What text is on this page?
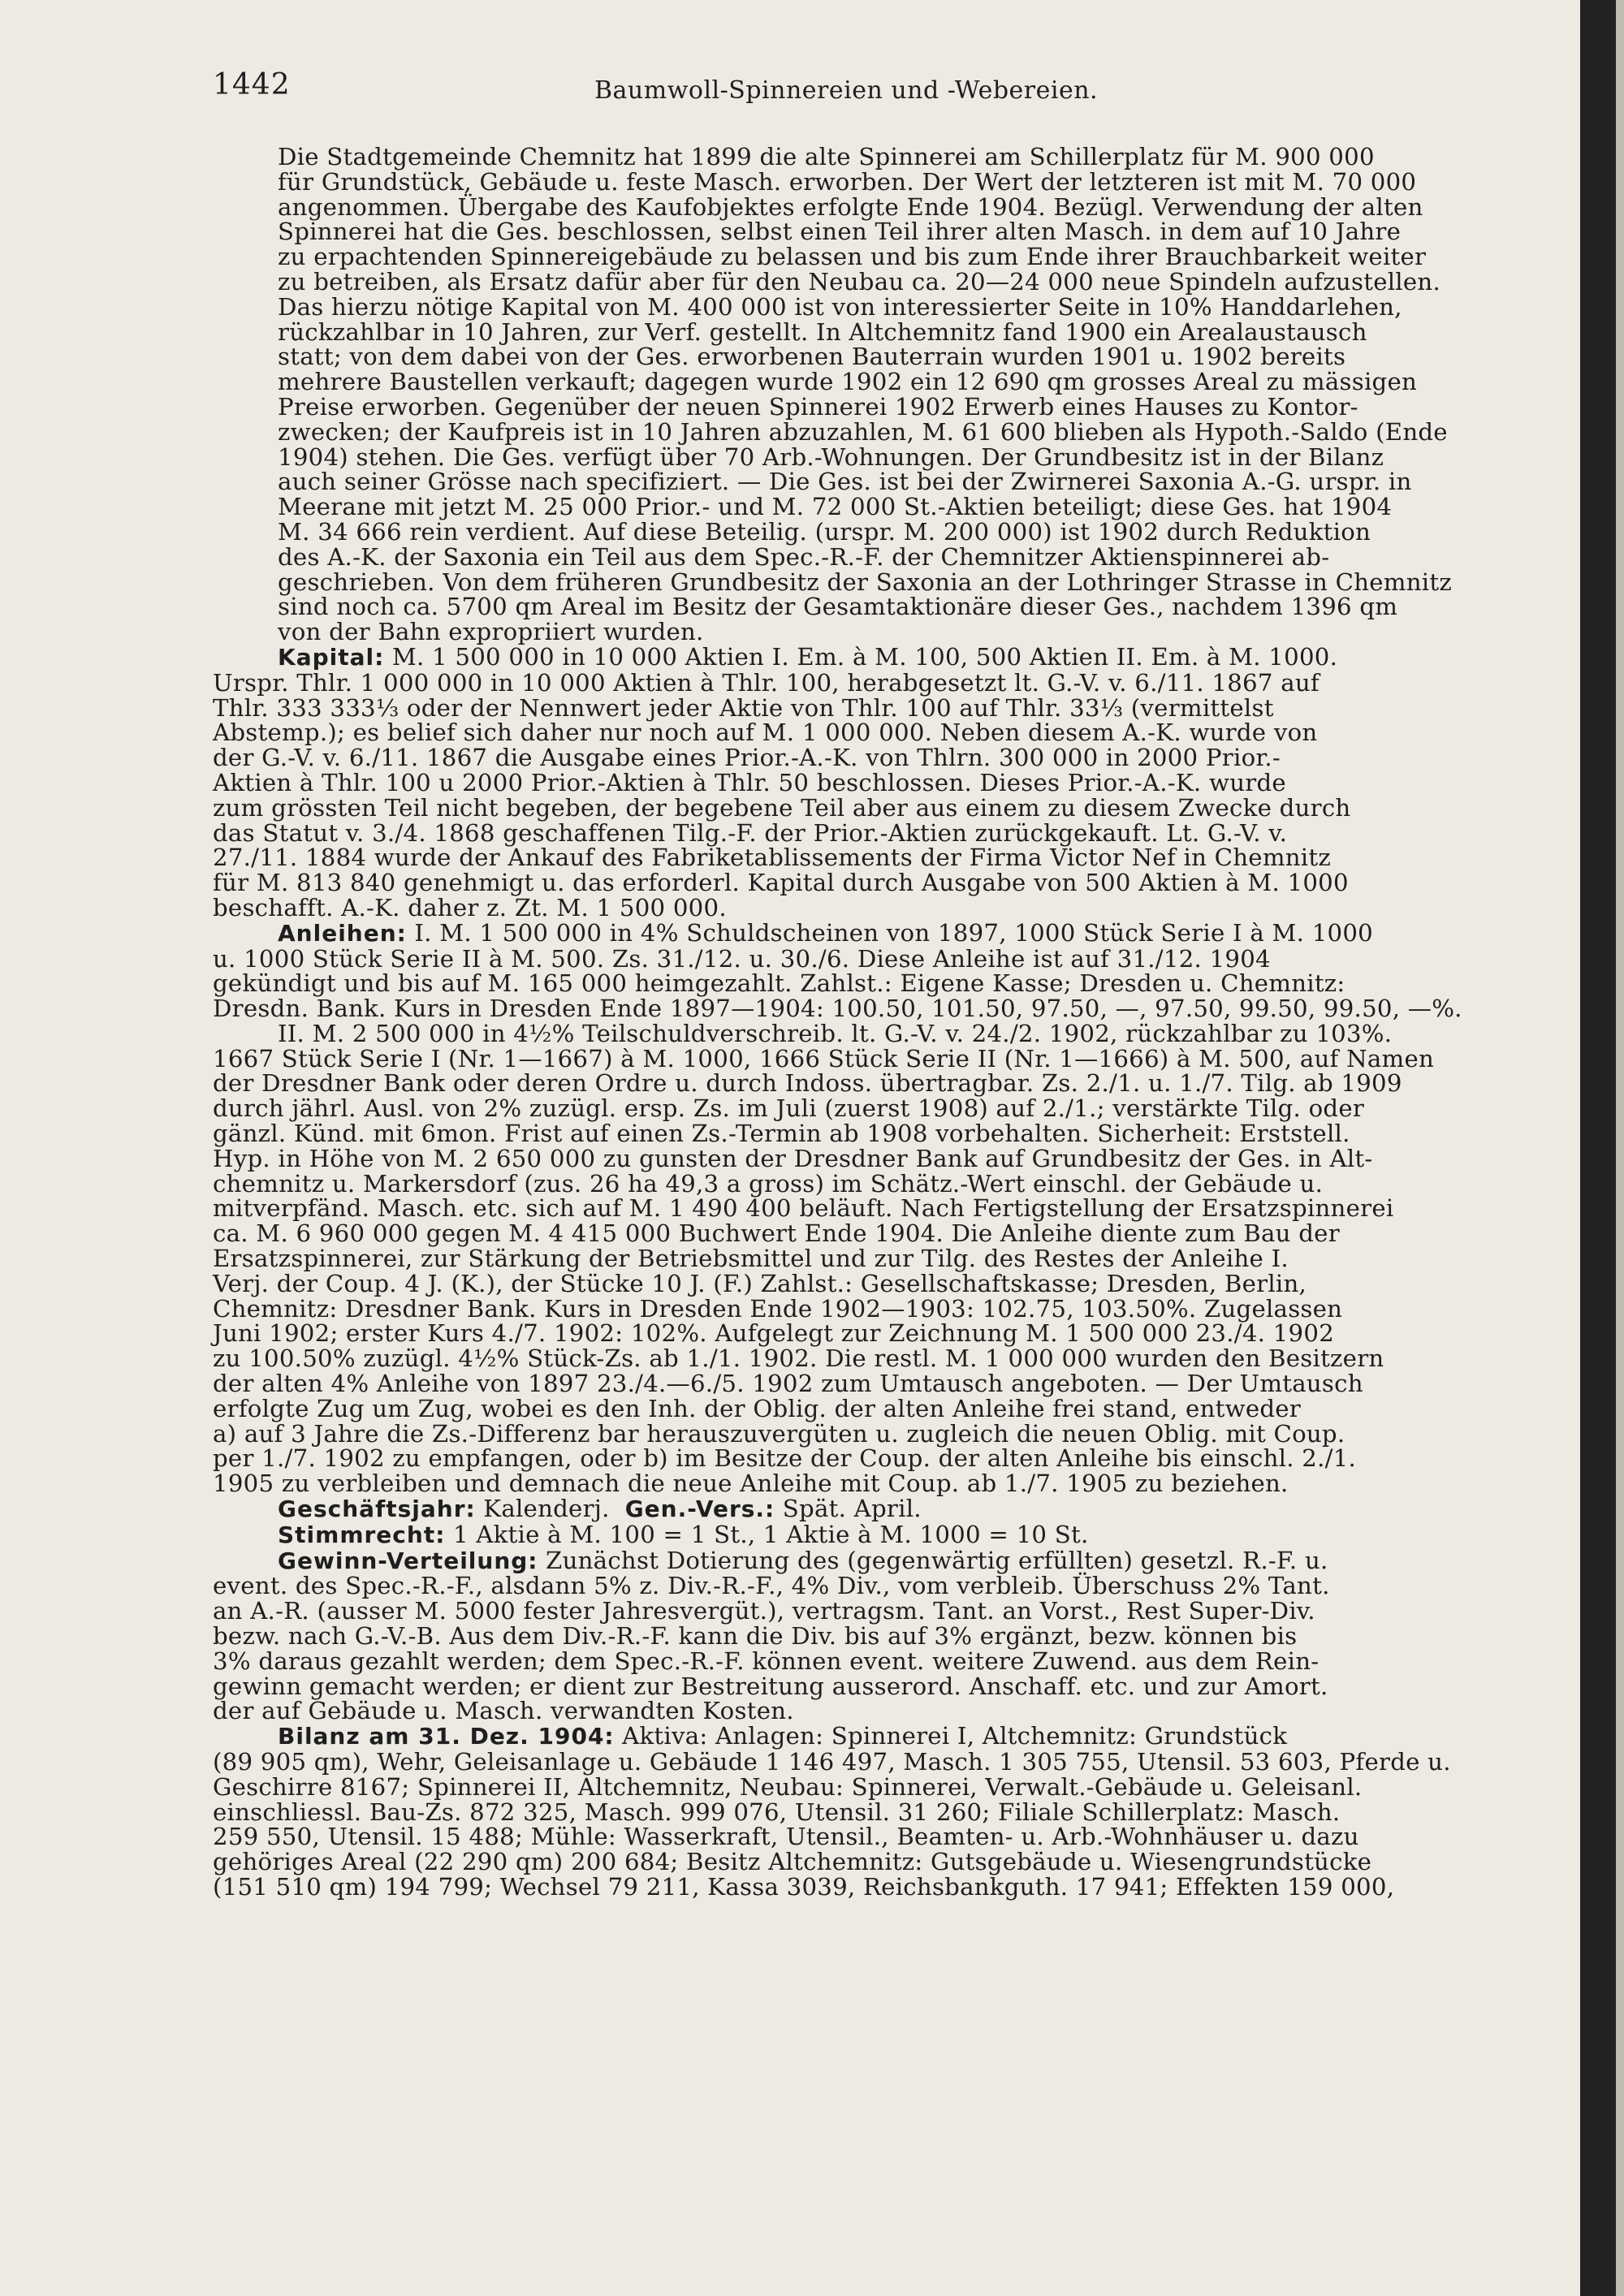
1442	Baumwoll-Spinnereien und -Webereien.

Die Stadtgemeinde Chemnitz hat 1899 die alte Spinnerei am Schillerplatz für M. 900 000
für Grundstück, Gebäude u. feste Masch. erworben. Der Wert der letzteren ist mit M. 70 000
angenommen. Übergabe des Kaufobjektes erfolgte Ende 1904. Bezügl. Verwendung der alten
Spinnerei hat die Ges. beschlossen, selbst einen Teil ihrer alten Masch. in dem auf 10 Jahre
zu erpachtenden Spinnereigebäude zu belassen und bis zum Ende ihrer Brauchbarkeit weiter
zu betreiben, als Ersatz dafür aber für den Neubau ca. 20—24 000 neue Spindeln aufzustellen.
Das hierzu nötige Kapital von M. 400 000 ist von interessierter Seite in 10% Handdarlehen,
rückzahlbar in 10 Jahren, zur Verf. gestellt. In Altchemnitz fand 1900 ein Arealaustausch
statt; von dem dabei von der Ges. erworbenen Bauterrain wurden 1901 u. 1902 bereits
mehrere Baustellen verkauft; dagegen wurde 1902 ein 12 690 qm grosses Areal zu mässigen
Preise erworben. Gegenüber der neuen Spinnerei 1902 Erwerb eines Hauses zu Kontor-
zwecken; der Kaufpreis ist in 10 Jahren abzuzahlen, M. 61 600 blieben als Hypoth.-Saldo (Ende
1904) stehen. Die Ges. verfügt über 70 Arb.-Wohnungen. Der Grundbesitz ist in der Bilanz
auch seiner Grösse nach specifiziert. — Die Ges. ist bei der Zwirnerei Saxonia A.-G. urspr. in
Meerane mit jetzt M. 25 000 Prior.- und M. 72 000 St.-Aktien beteiligt; diese Ges. hat 1904
M. 34 666 rein verdient. Auf diese Beteilig. (urspr. M. 200 000) ist 1902 durch Reduktion
des A.-K. der Saxonia ein Teil aus dem Spec.-R.-F. der Chemnitzer Aktienspinnerei ab-
geschrieben. Von dem früheren Grundbesitz der Saxonia an der Lothringer Strasse in Chemnitz
sind noch ca. 5700 qm Areal im Besitz der Gesamtaktionäre dieser Ges., nachdem 1396 qm
von der Bahn expropriiert wurden.

Kapital: M. 1 500 000 in 10 000 Aktien I. Em. à M. 100, 500 Aktien II. Em. à M. 1000.
Urspr. Thlr. 1 000 000 in 10 000 Aktien à Thlr. 100, herabgesetzt lt. G.-V. v. 6./11. 1867 auf
Thlr. 333 333⅓ oder der Nennwert jeder Aktie von Thlr. 100 auf Thlr. 33⅓ (vermittelst
Abstemp.); es belief sich daher nur noch auf M. 1 000 000. Neben diesem A.-K. wurde von
der G.-V. v. 6./11. 1867 die Ausgabe eines Prior.-A.-K. von Thlrn. 300 000 in 2000 Prior.-
Aktien à Thlr. 100 u 2000 Prior.-Aktien à Thlr. 50 beschlossen. Dieses Prior.-A.-K. wurde
zum grössten Teil nicht begeben, der begebene Teil aber aus einem zu diesem Zwecke durch
das Statut v. 3./4. 1868 geschaffenen Tilg.-F. der Prior.-Aktien zurückgekauft. Lt. G.-V. v.
27./11. 1884 wurde der Ankauf des Fabriketablissements der Firma Victor Nef in Chemnitz
für M. 813 840 genehmigt u. das erforderl. Kapital durch Ausgabe von 500 Aktien à M. 1000
beschafft. A.-K. daher z. Zt. M. 1 500 000.

Anleihen: I. M. 1 500 000 in 4% Schuldscheinen von 1897, 1000 Stück Serie I à M. 1000
u. 1000 Stück Serie II à M. 500. Zs. 31./12. u. 30./6. Diese Anleihe ist auf 31./12. 1904
gekündigt und bis auf M. 165 000 heimgezahlt. Zahlst.: Eigene Kasse; Dresden u. Chemnitz:
Dresdn. Bank. Kurs in Dresden Ende 1897—1904: 100.50, 101.50, 97.50, —, 97.50, 99.50, 99.50, —%.

II. M. 2 500 000 in 4½% Teilschuldverschreib. lt. G.-V. v. 24./2. 1902, rückzahlbar zu 103%.
1667 Stück Serie I (Nr. 1—1667) à M. 1000, 1666 Stück Serie II (Nr. 1—1666) à M. 500, auf Namen
der Dresdner Bank oder deren Ordre u. durch Indoss. übertragbar. Zs. 2./1. u. 1./7. Tilg. ab 1909
durch jährl. Ausl. von 2% zuzügl. ersp. Zs. im Juli (zuerst 1908) auf 2./1.; verstärkte Tilg. oder
gänzl. Künd. mit 6mon. Frist auf einen Zs.-Termin ab 1908 vorbehalten. Sicherheit: Erststell.
Hyp. in Höhe von M. 2 650 000 zu gunsten der Dresdner Bank auf Grundbesitz der Ges. in Alt-
chemnitz u. Markersdorf (zus. 26 ha 49,3 a gross) im Schätz.-Wert einschl. der Gebäude u.
mitverpfänd. Masch. etc. sich auf M. 1 490 400 beläuft. Nach Fertigstellung der Ersatzspinnerei
ca. M. 6 960 000 gegen M. 4 415 000 Buchwert Ende 1904. Die Anleihe diente zum Bau der
Ersatzspinnerei, zur Stärkung der Betriebsmittel und zur Tilg. des Restes der Anleihe I.
Verj. der Coup. 4 J. (K.), der Stücke 10 J. (F.) Zahlst.: Gesellschaftskasse; Dresden, Berlin,
Chemnitz: Dresdner Bank. Kurs in Dresden Ende 1902—1903: 102.75, 103.50%. Zugelassen
Juni 1902; erster Kurs 4./7. 1902: 102%. Aufgelegt zur Zeichnung M. 1 500 000 23./4. 1902
zu 100.50% zuzügl. 4½% Stück-Zs. ab 1./1. 1902. Die restl. M. 1 000 000 wurden den Besitzern
der alten 4% Anleihe von 1897 23./4.—6./5. 1902 zum Umtausch angeboten. — Der Umtausch
erfolgte Zug um Zug, wobei es den Inh. der Oblig. der alten Anleihe frei stand, entweder
a) auf 3 Jahre die Zs.-Differenz bar herauszuvergüten u. zugleich die neuen Oblig. mit Coup.
per 1./7. 1902 zu empfangen, oder b) im Besitze der Coup. der alten Anleihe bis einschl. 2./1.
1905 zu verbleiben und demnach die neue Anleihe mit Coup. ab 1./7. 1905 zu beziehen.

Geschäftsjahr: Kalenderj. Gen.-Vers.: Spät. April.

Stimmrecht: 1 Aktie à M. 100 = 1 St., 1 Aktie à M. 1000 = 10 St.

Gewinn-Verteilung: Zunächst Dotierung des (gegenwärtig erfüllten) gesetzl. R.-F. u.
event. des Spec.-R.-F., alsdann 5% z. Div.-R.-F., 4% Div., vom verbleib. Überschuss 2% Tant.
an A.-R. (ausser M. 5000 fester Jahresvergüt.), vertragsm. Tant. an Vorst., Rest Super-Div.
bezw. nach G.-V.-B. Aus dem Div.-R.-F. kann die Div. bis auf 3% ergänzt, bezw. können bis
3% daraus gezahlt werden; dem Spec.-R.-F. können event. weitere Zuwend. aus dem Rein-
gewinn gemacht werden; er dient zur Bestreitung ausserord. Anschaff. etc. und zur Amort.
der auf Gebäude u. Masch. verwandten Kosten.

Bilanz am 31. Dez. 1904: Aktiva: Anlagen: Spinnerei I, Altchemnitz: Grundstück
(89 905 qm), Wehr, Geleisanlage u. Gebäude 1 146 497, Masch. 1 305 755, Utensil. 53 603, Pferde u.
Geschirre 8167; Spinnerei II, Altchemnitz, Neubau: Spinnerei, Verwalt.-Gebäude u. Geleisanl.
einschliessl. Bau-Zs. 872 325, Masch. 999 076, Utensil. 31 260; Filiale Schillerplatz: Masch.
259 550, Utensil. 15 488; Mühle: Wasserkraft, Utensil., Beamten- u. Arb.-Wohnhäuser u. dazu
gehöriges Areal (22 290 qm) 200 684; Besitz Altchemnitz: Gutsgebäude u. Wiesengrundstücke
(151 510 qm) 194 799; Wechsel 79 211, Kassa 3039, Reichsbankguth. 17 941; Effekten 159 000,
